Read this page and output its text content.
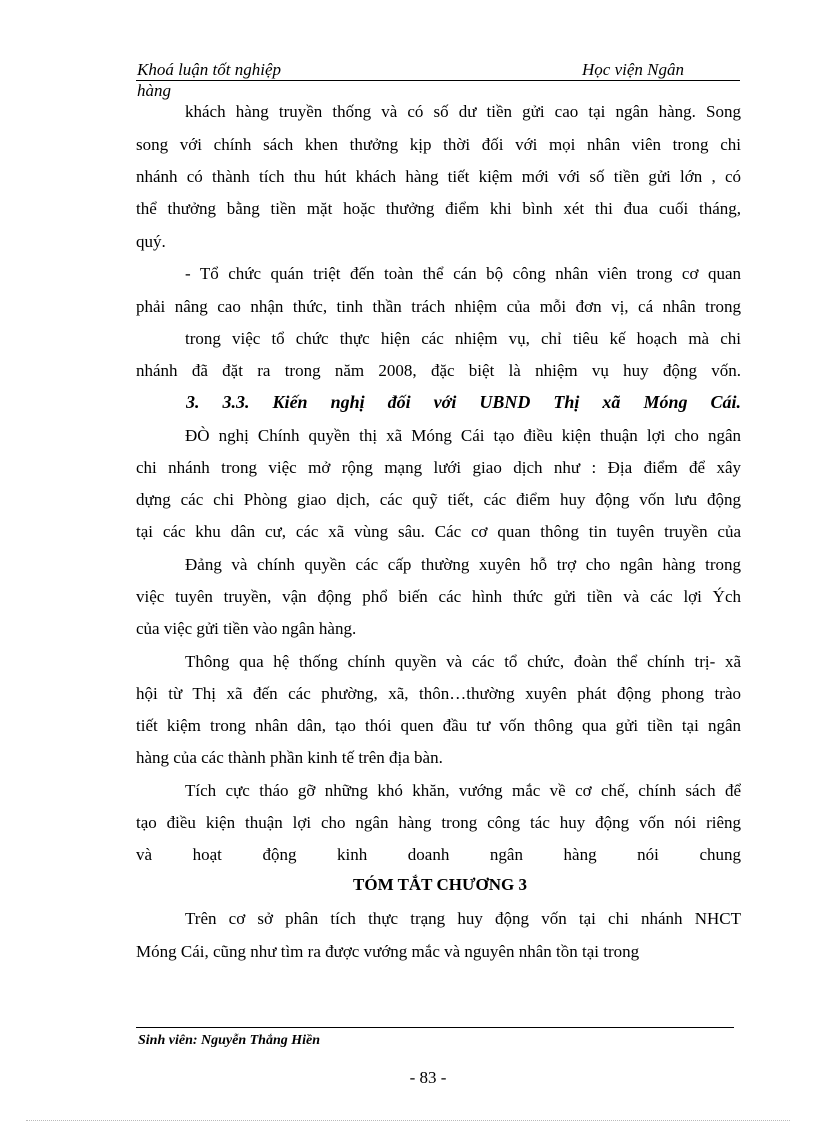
Khoá luận tốt nghiệp	Học viện Ngân
hàng
khách hàng truyền thống và có số dư tiền gửi cao tại ngân hàng. Song
song với chính sách khen thưởng kịp thời đối với mọi nhân viên trong chi
nhánh có thành tích thu hút khách hàng tiết kiệm mới với số tiền gửi lớn , có
thể thưởng bằng tiền mặt hoặc thưởng điểm khi bình xét thi đua cuối tháng,
quý.
- Tổ chức quán triệt đến toàn thể cán bộ công nhân viên trong cơ quan
phải nâng cao nhận thức, tinh thần trách nhiệm của mỗi đơn vị, cá nhân trong
trong việc tổ chức thực hiện các nhiệm vụ, chỉ tiêu kế hoạch mà chi
nhánh đã đặt ra trong năm 2008, đặc biệt là nhiệm vụ huy động vốn.
3. 3.3. Kiến nghị đối với UBND Thị xã Móng Cái.
ĐÒ nghị Chính quyền thị xã Móng Cái tạo điều kiện thuận lợi cho ngân
chi nhánh trong việc mở rộng mạng lưới giao dịch như : Địa điểm để xây
dựng các chi Phòng giao dịch, các quỹ tiết, các điểm huy động vốn lưu động
tại các khu dân cư, các xã vùng sâu. Các cơ quan thông tin tuyên truyền của
Đảng và chính quyền các cấp thường xuyên hỗ trợ cho ngân hàng trong
việc tuyên truyền, vận động phổ biến các hình thức gửi tiền và các lợi Ých
của việc gửi tiền vào ngân hàng.
Thông qua hệ thống chính quyền và các tổ chức, đoàn thể chính trị- xã
hội từ Thị xã đến các phường, xã, thôn…thường xuyên phát động phong trào
tiết kiệm trong nhân dân, tạo thói quen đầu tư vốn thông qua gửi tiền tại ngân
hàng của các thành phần kinh tế trên địa bàn.
Tích cực tháo gỡ những khó khăn, vướng mắc về cơ chế, chính sách để
tạo điều kiện thuận lợi cho ngân hàng trong công tác huy động vốn nói riêng
và hoạt động kinh doanh ngân hàng nói chung
TÓM TẮT CHƯƠNG 3
Trên cơ sở phân tích thực trạng huy động vốn tại chi nhánh NHCT
Móng Cái, cũng như tìm ra được vướng mắc và nguyên nhân tồn tại trong
Sinh viên: Nguyễn Thắng Hiền
- 83 -
